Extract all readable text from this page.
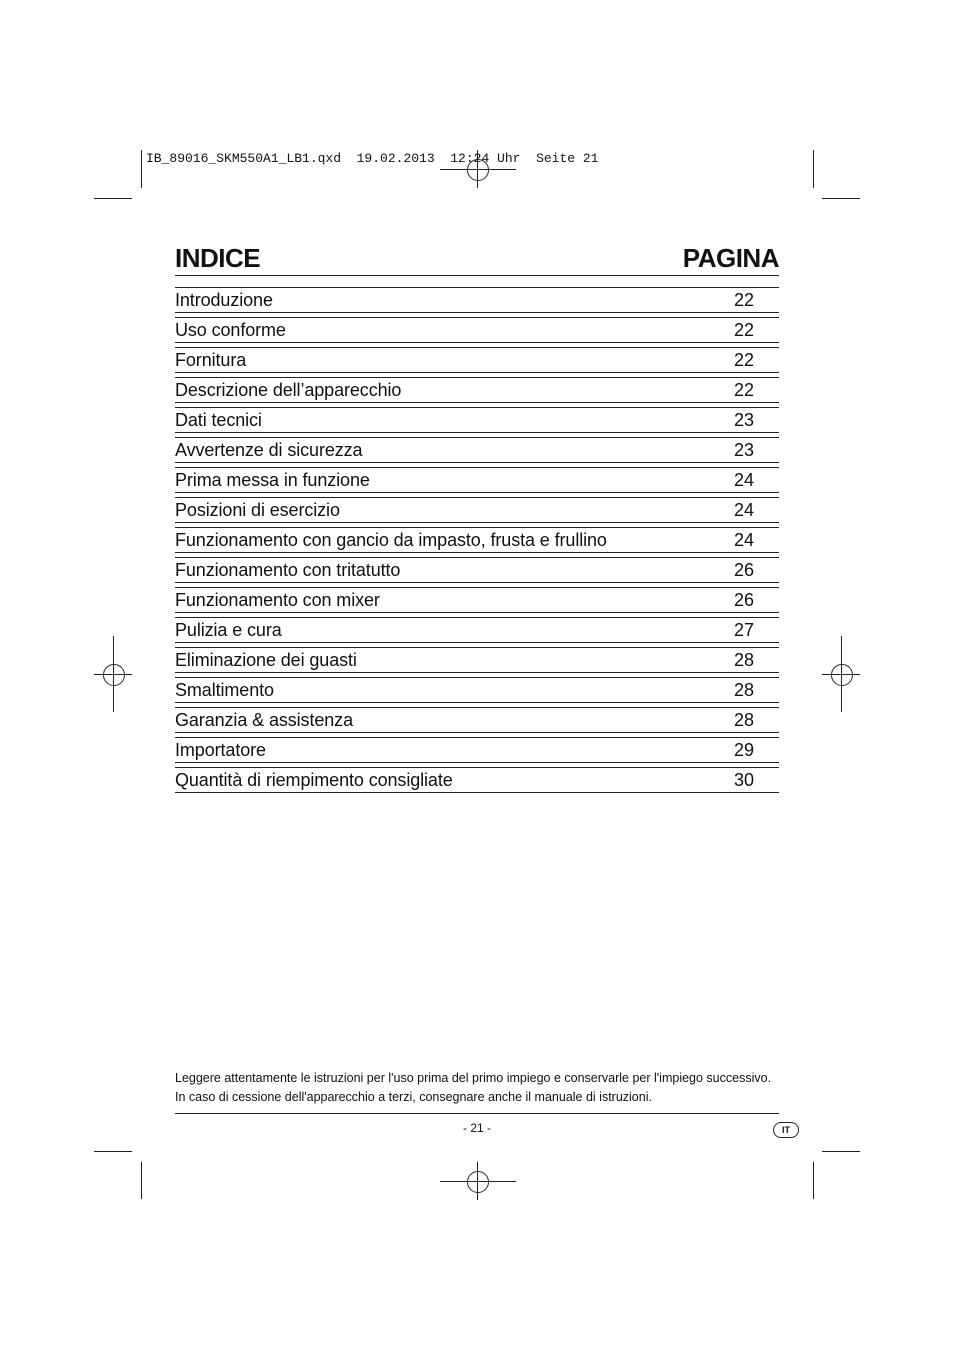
IB_89016_SKM550A1_LB1.qxd  19.02.2013  12:24 Uhr  Seite 21
INDICE	PAGINA
Introduzione	22
Uso conforme	22
Fornitura	22
Descrizione dell’apparecchio	22
Dati tecnici	23
Avvertenze di sicurezza	23
Prima messa in funzione	24
Posizioni di esercizio	24
Funzionamento con gancio da impasto, frusta e frullino	24
Funzionamento con tritatutto	26
Funzionamento con mixer	26
Pulizia e cura	27
Eliminazione dei guasti	28
Smaltimento	28
Garanzia & assistenza	28
Importatore	29
Quantità di riempimento consigliate	30
Leggere attentamente le istruzioni per l'uso prima del primo impiego e conservarle per l'impiego successivo.
In caso di cessione dell'apparecchio a terzi, consegnare anche il manuale di istruzioni.
- 21 -	IT
